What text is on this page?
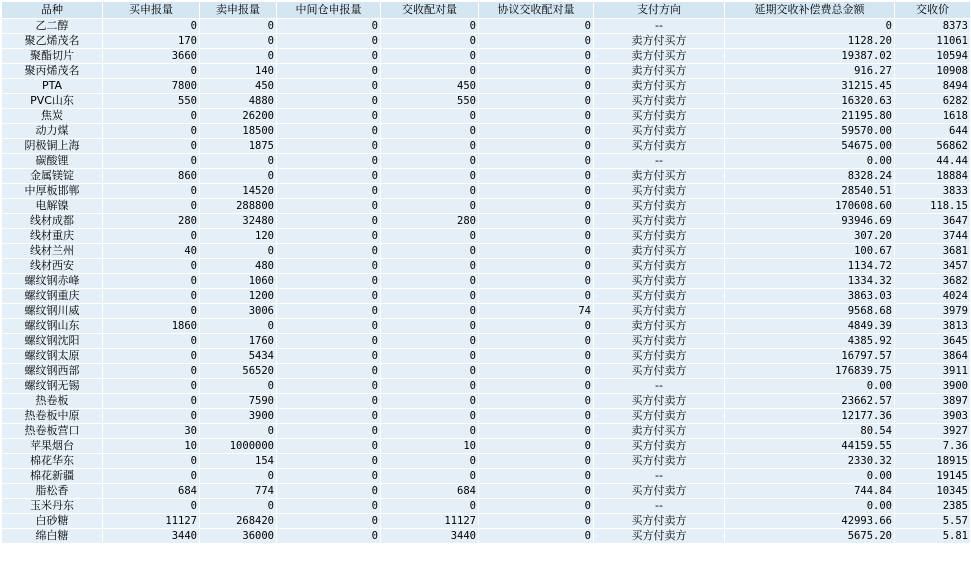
品种	买申报量	卖申报量	中间仓申报量	交收配对量	协议交收配对量	支付方向	延期交收补偿费总金额	交收价
乙二醇	0	0	0	0	0	--	0	8373
聚乙烯茂名	170	0	0	0	0	卖方付买方	1128.20	11061
聚酯切片	3660	0	0	0	0	卖方付买方	19387.02	10594
聚丙烯茂名	0	140	0	0	0	卖方付买方	916.27	10908
PTA	7800	450	0	450	0	卖方付买方	31215.45	8494
PVC山东	550	4880	0	550	0	买方付卖方	16320.63	6282
焦炭	0	26200	0	0	0	买方付卖方	21195.80	1618
动力煤	0	18500	0	0	0	买方付卖方	59570.00	644
阴极铜上海	0	1875	0	0	0	买方付卖方	54675.00	56862
碳酸锂	0	0	0	0	0	--	0.00	44.44
金属镁锭	860	0	0	0	0	卖方付买方	8328.24	18884
中厚板邯郸	0	14520	0	0	0	买方付卖方	28540.51	3833
电解镍	0	288800	0	0	0	买方付卖方	170608.60	118.15
线材成都	280	32480	0	280	0	买方付卖方	93946.69	3647
线材重庆	0	120	0	0	0	买方付卖方	307.20	3744
线材兰州	40	0	0	0	0	卖方付买方	100.67	3681
线材西安	0	480	0	0	0	买方付卖方	1134.72	3457
螺纹钢赤峰	0	1060	0	0	0	买方付卖方	1334.32	3682
螺纹钢重庆	0	1200	0	0	0	买方付卖方	3863.03	4024
螺纹钢川威	0	3006	0	0	74	买方付卖方	9568.68	3979
螺纹钢山东	1860	0	0	0	0	卖方付买方	4849.39	3813
螺纹钢沈阳	0	1760	0	0	0	买方付卖方	4385.92	3645
螺纹钢太原	0	5434	0	0	0	买方付卖方	16797.57	3864
螺纹钢西部	0	56520	0	0	0	买方付卖方	176839.75	3911
螺纹钢无锡	0	0	0	0	0	--	0.00	3900
热卷板	0	7590	0	0	0	买方付卖方	23662.57	3897
热卷板中原	0	3900	0	0	0	买方付卖方	12177.36	3903
热卷板营口	30	0	0	0	0	卖方付买方	80.54	3927
苹果烟台	10	1000000	0	10	0	买方付卖方	44159.55	7.36
棉花华东	0	154	0	0	0	买方付卖方	2330.32	18915
棉花新疆	0	0	0	0	0	--	0.00	19145
脂松香	684	774	0	684	0	买方付卖方	744.84	10345
玉米丹东	0	0	0	0	0	--	0.00	2385
白砂糖	11127	268420	0	11127	0	买方付卖方	42993.66	5.57
绵白糖	3440	36000	0	3440	0	买方付卖方	5675.20	5.81
